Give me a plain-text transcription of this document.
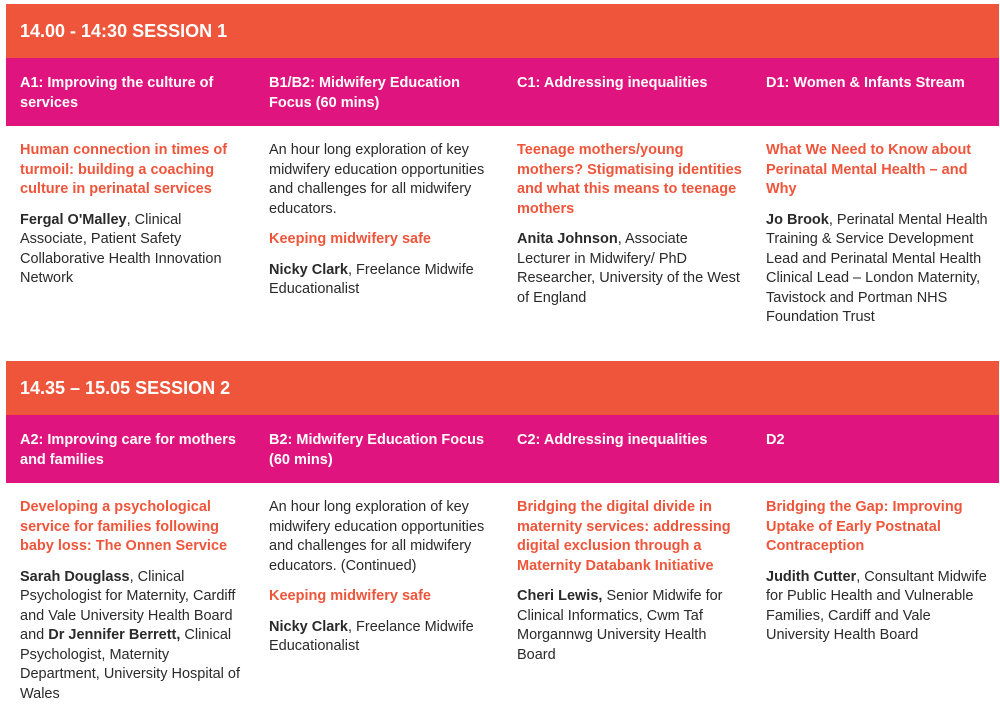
14.00 - 14:30 SESSION 1
A1: Improving the culture of services
B1/B2: Midwifery Education Focus (60 mins)
C1: Addressing inequalities	D1: Women & Infants Stream
Human connection in times of turmoil: building a coaching culture in perinatal services
Fergal O'Malley, Clinical Associate, Patient Safety Collaborative Health Innovation Network
An hour long exploration of key midwifery education opportunities and challenges for all midwifery educators.
Keeping midwifery safe
Nicky Clark, Freelance Midwife Educationalist
Teenage mothers/young mothers? Stigmatising identities and what this means to teenage mothers
Anita Johnson, Associate Lecturer in Midwifery/ PhD Researcher, University of the West of England
What We Need to Know about Perinatal Mental Health – and Why
Jo Brook, Perinatal Mental Health Training & Service Development Lead and Perinatal Mental Health Clinical Lead – London Maternity, Tavistock and Portman NHS Foundation Trust
14.35 – 15.05 SESSION 2
A2: Improving care for mothers and families
B2: Midwifery Education Focus (60 mins)
C2: Addressing inequalities	D2
Developing a psychological service for families following baby loss: The Onnen Service
Sarah Douglass, Clinical Psychologist for Maternity, Cardiff and Vale University Health Board and Dr Jennifer Berrett, Clinical Psychologist, Maternity Department, University Hospital of Wales
An hour long exploration of key midwifery education opportunities and challenges for all midwifery educators. (Continued)
Keeping midwifery safe
Nicky Clark, Freelance Midwife Educationalist
Bridging the digital divide in maternity services: addressing digital exclusion through a Maternity Databank Initiative
Cheri Lewis, Senior Midwife for Clinical Informatics, Cwm Taf Morgannwg University Health Board
Bridging the Gap: Improving Uptake of Early Postnatal Contraception
Judith Cutter, Consultant Midwife for Public Health and Vulnerable Families, Cardiff and Vale University Health Board
